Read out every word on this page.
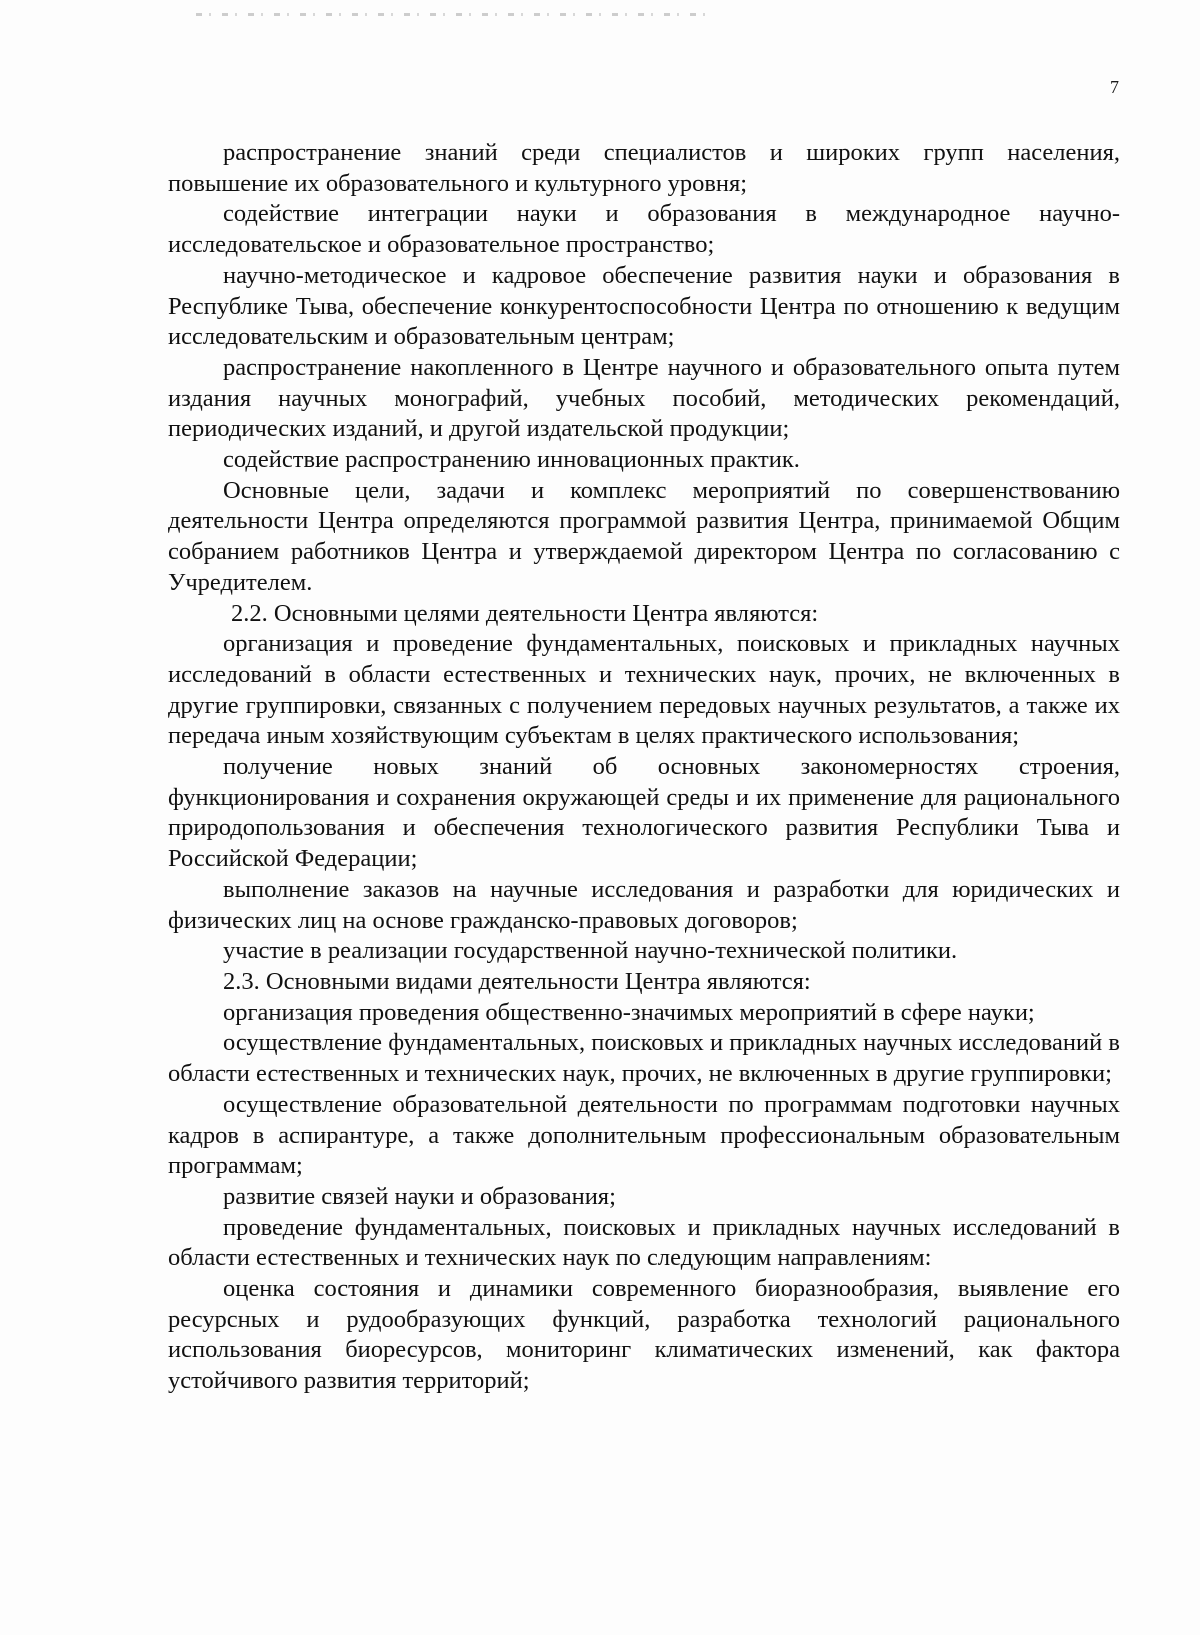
7

распространение знаний среди специалистов и широких групп населения, повышение их образовательного и культурного уровня;

содействие интеграции науки и образования в международное научно-исследовательское и образовательное пространство;

научно-методическое и кадровое обеспечение развития науки и образования в Республике Тыва, обеспечение конкурентоспособности Центра по отношению к ведущим исследовательским и образовательным центрам;

распространение накопленного в Центре научного и образовательного опыта путем издания научных монографий, учебных пособий, методических рекомендаций, периодических изданий, и другой издательской продукции;

содействие распространению инновационных практик.

Основные цели, задачи и комплекс мероприятий по совершенствованию деятельности Центра определяются программой развития Центра, принимаемой Общим собранием работников Центра и утверждаемой директором Центра по согласованию с Учредителем.

2.2. Основными целями деятельности Центра являются:

организация и проведение фундаментальных, поисковых и прикладных научных исследований в области естественных и технических наук, прочих, не включенных в другие группировки, связанных с получением передовых научных результатов, а также их передача иным хозяйствующим субъектам в целях практического использования;

получение новых знаний об основных закономерностях строения, функционирования и сохранения окружающей среды и их применение для рационального природопользования и обеспечения технологического развития Республики Тыва и Российской Федерации;

выполнение заказов на научные исследования и разработки для юридических и физических лиц на основе гражданско-правовых договоров;

участие в реализации государственной научно-технической политики.

2.3. Основными видами деятельности Центра являются:

организация проведения общественно-значимых мероприятий в сфере науки;

осуществление фундаментальных, поисковых и прикладных научных исследований в области естественных и технических наук, прочих, не включенных в другие группировки;

осуществление образовательной деятельности по программам подготовки научных кадров в аспирантуре, а также дополнительным профессиональным образовательным программам;

развитие связей науки и образования;

проведение фундаментальных, поисковых и прикладных научных исследований в области естественных и технических наук по следующим направлениям:

оценка состояния и динамики современного биоразнообразия, выявление его ресурсных и рудообразующих функций, разработка технологий рационального использования биоресурсов, мониторинг климатических изменений, как фактора устойчивого развития территорий;
